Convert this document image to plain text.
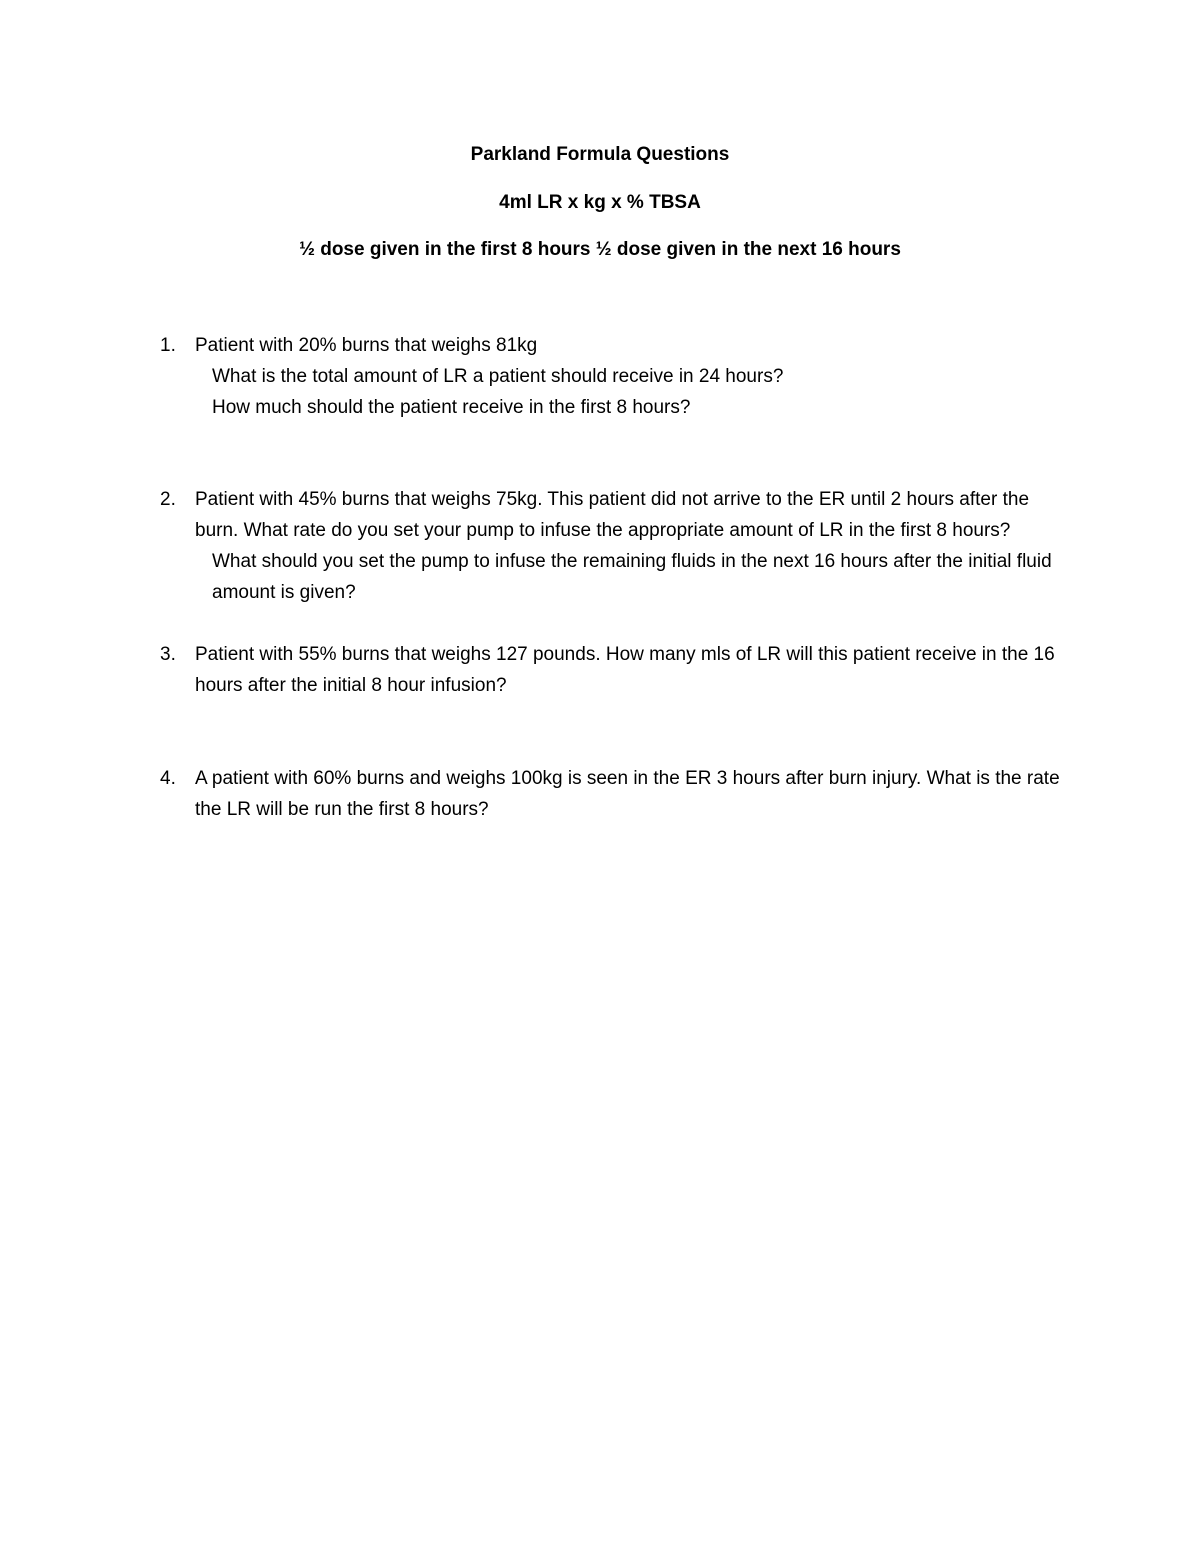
Parkland Formula Questions
4ml LR x kg x % TBSA
½ dose given in the first 8 hours ½ dose given in the next 16 hours
1. Patient with 20% burns that weighs 81kg
What is the total amount of LR a patient should receive in 24 hours?
How much should the patient receive in the first 8 hours?
2. Patient with 45% burns that weighs 75kg. This patient did not arrive to the ER until 2 hours after the burn. What rate do you set your pump to infuse the appropriate amount of LR in the first 8 hours?
What should you set the pump to infuse the remaining fluids in the next 16 hours after the initial fluid amount is given?
3. Patient with 55% burns that weighs 127 pounds. How many mls of LR will this patient receive in the 16 hours after the initial 8 hour infusion?
4. A patient with 60% burns and weighs 100kg is seen in the ER 3 hours after burn injury. What is the rate the LR will be run the first 8 hours?
